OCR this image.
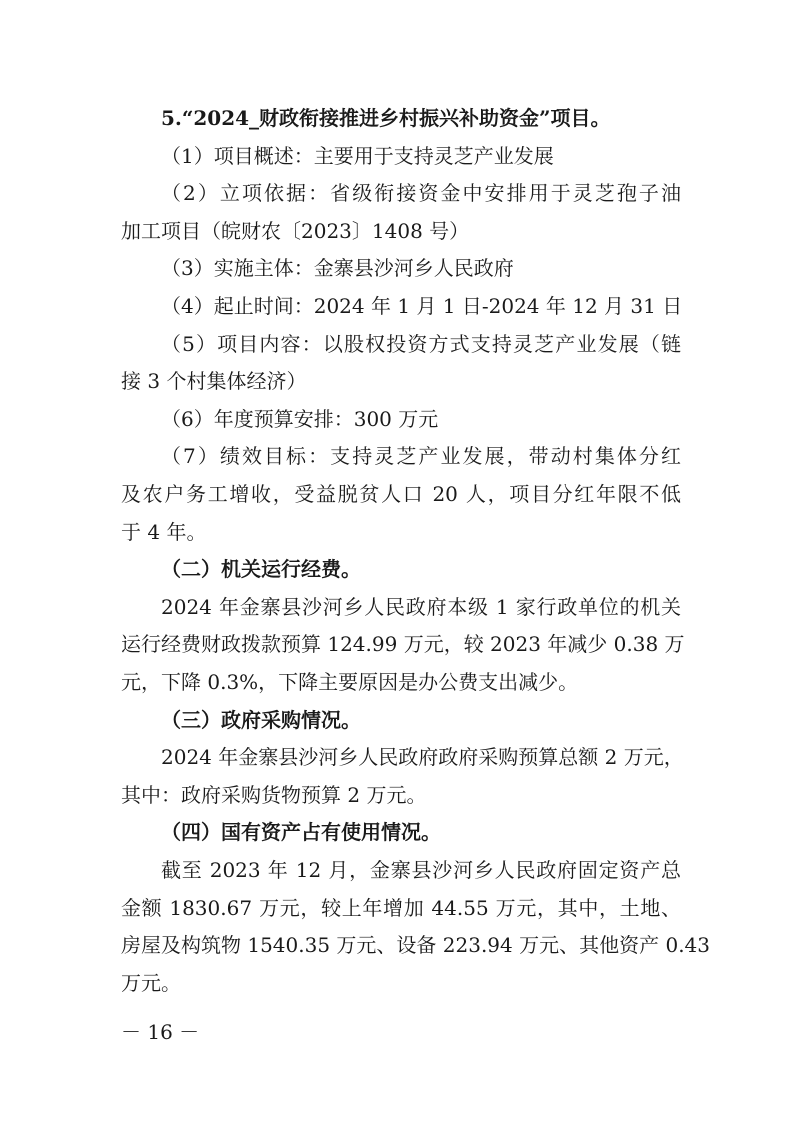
5.“2024_财政衔接推进乡村振兴补助资金”项目。
（1）项目概述：主要用于支持灵芝产业发展
（2）立项依据：省级衔接资金中安排用于灵芝孢子油
加工项目（皖财农〔2023〕1408 号）
（3）实施主体：金寨县沙河乡人民政府
（4）起止时间：2024 年 1 月 1 日-2024 年 12 月 31 日
（5）项目内容：以股权投资方式支持灵芝产业发展（链
接 3 个村集体经济）
（6）年度预算安排：300 万元
（7）绩效目标：支持灵芝产业发展，带动村集体分红
及农户务工增收，受益脱贫人口 20 人，项目分红年限不低
于 4 年。
（二）机关运行经费。
2024 年金寨县沙河乡人民政府本级 1 家行政单位的机关
运行经费财政拨款预算 124.99 万元，较 2023 年减少 0.38 万
元，下降 0.3%，下降主要原因是办公费支出减少。
（三）政府采购情况。
2024 年金寨县沙河乡人民政府政府采购预算总额 2 万元，
其中：政府采购货物预算 2 万元。
（四）国有资产占有使用情况。
截至 2023 年 12 月，金寨县沙河乡人民政府固定资产总
金额 1830.67 万元，较上年增加 44.55 万元，其中，土地、
－ 16 －
房屋及构筑物 1540.35 万元、设备 223.94 万元、其他资产 0.43
万元。
